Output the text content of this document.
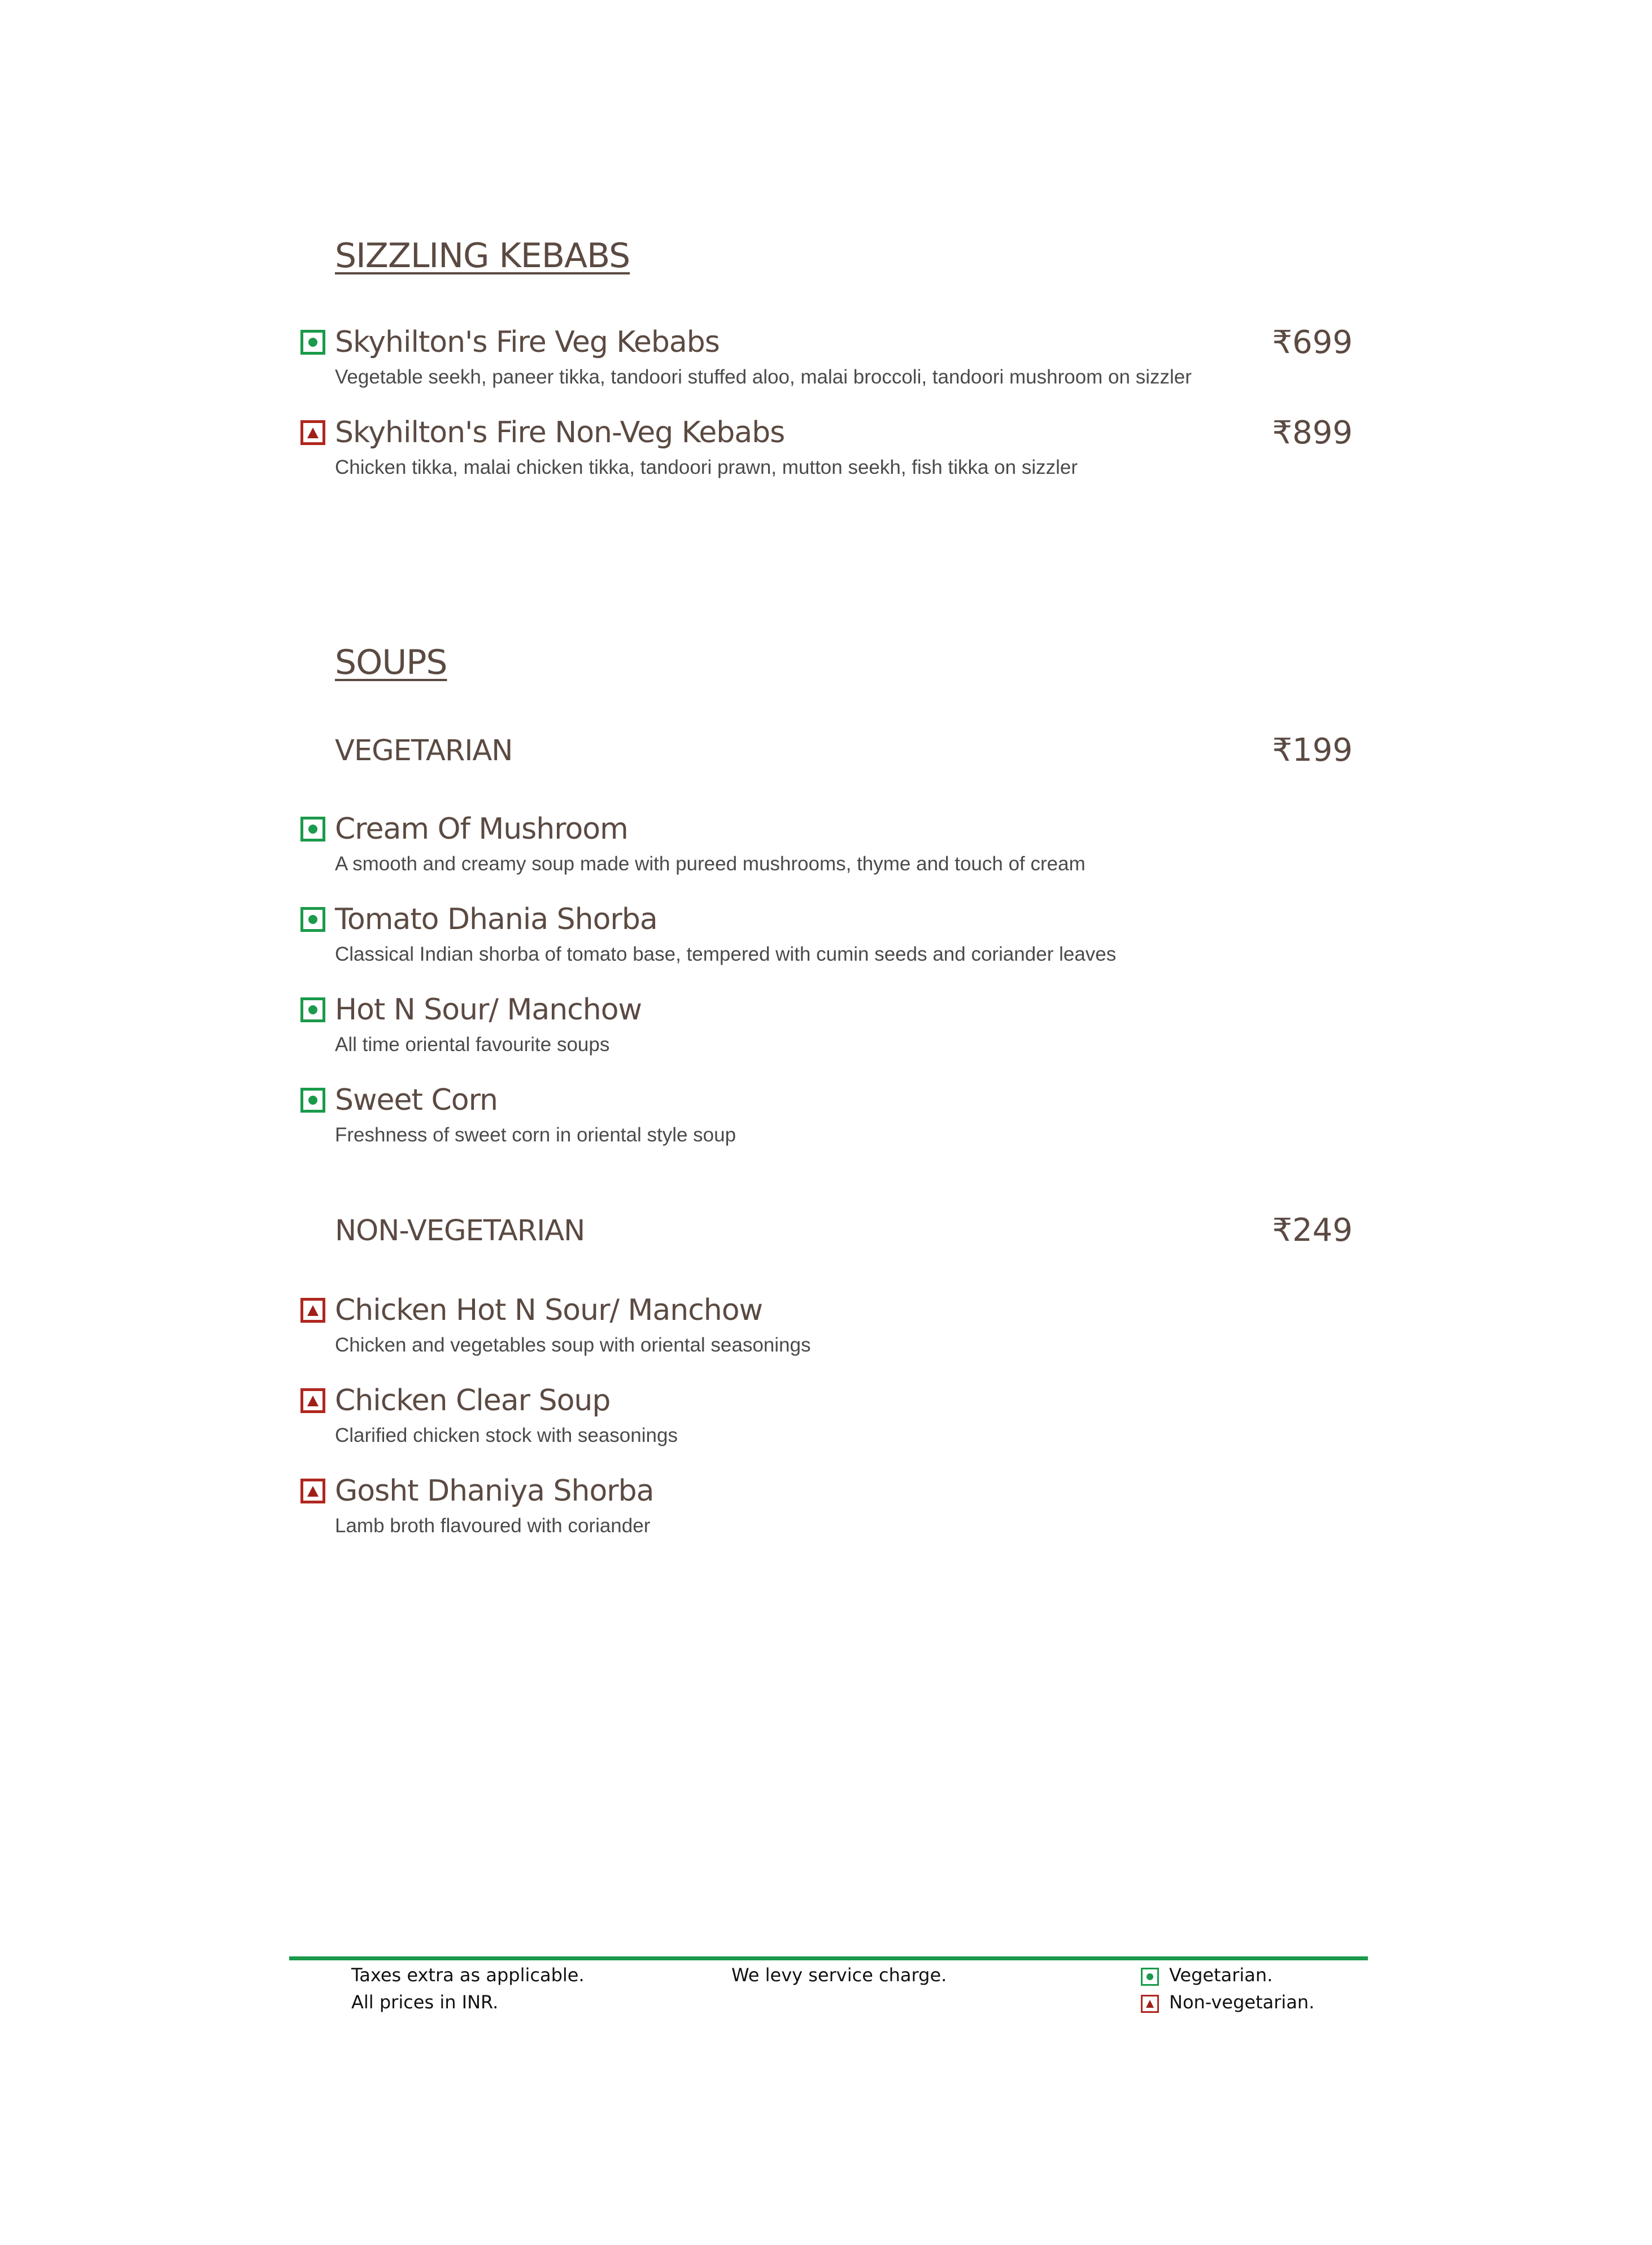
SIZZLING KEBABS
Skyhilton's Fire Veg Kebabs	₹699
Vegetable seekh, paneer tikka, tandoori stuffed aloo, malai broccoli, tandoori mushroom on sizzler
Skyhilton's Fire Non-Veg Kebabs	₹899
Chicken tikka, malai chicken tikka, tandoori prawn, mutton seekh, fish tikka on sizzler
SOUPS
VEGETARIAN	₹199
Cream Of Mushroom
A smooth and creamy soup made with pureed mushrooms, thyme and touch of cream
Tomato Dhania Shorba
Classical Indian shorba of tomato base, tempered with cumin seeds and coriander leaves
Hot N Sour/ Manchow
All time oriental favourite soups
Sweet Corn
Freshness of sweet corn in oriental style soup
NON-VEGETARIAN	₹249
Chicken Hot N Sour/ Manchow
Chicken and vegetables soup with oriental seasonings
Chicken Clear Soup
Clarified chicken stock with seasonings
Gosht Dhaniya Shorba
Lamb broth flavoured with coriander
Taxes extra as applicable.
All prices in INR.
We levy service charge.	Vegetarian.
Non-vegetarian.
